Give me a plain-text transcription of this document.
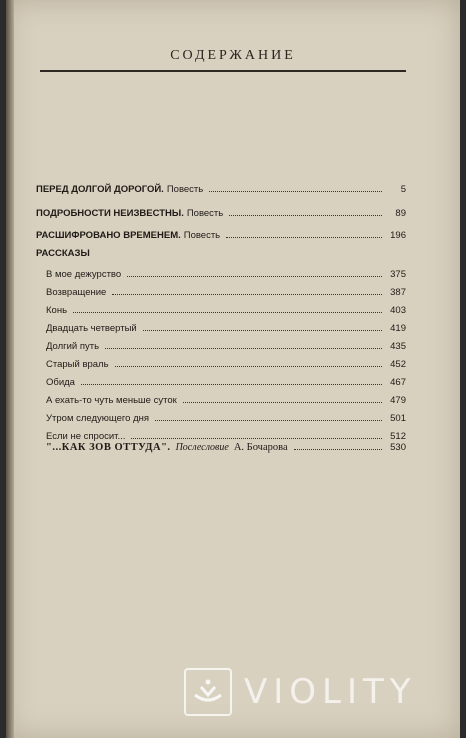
СОДЕРЖАНИЕ
ПЕРЕД ДОЛГОЙ ДОРОГОЙ. Повесть	5
ПОДРОБНОСТИ НЕИЗВЕСТНЫ. Повесть	89
РАСШИФРОВАНО ВРЕМЕНЕМ. Повесть	196
РАССКАЗЫ
В мое дежурство	375
Возвращение	387
Конь	403
Двадцать четвертый	419
Долгий путь	435
Старый враль	452
Обида	467
А ехать-то чуть меньше суток	479
Утром следующего дня	501
Если не спросит...	512
"...КАК ЗОВ ОТТУДА". Послесловие А. Бочарова	530
VIOLITY
